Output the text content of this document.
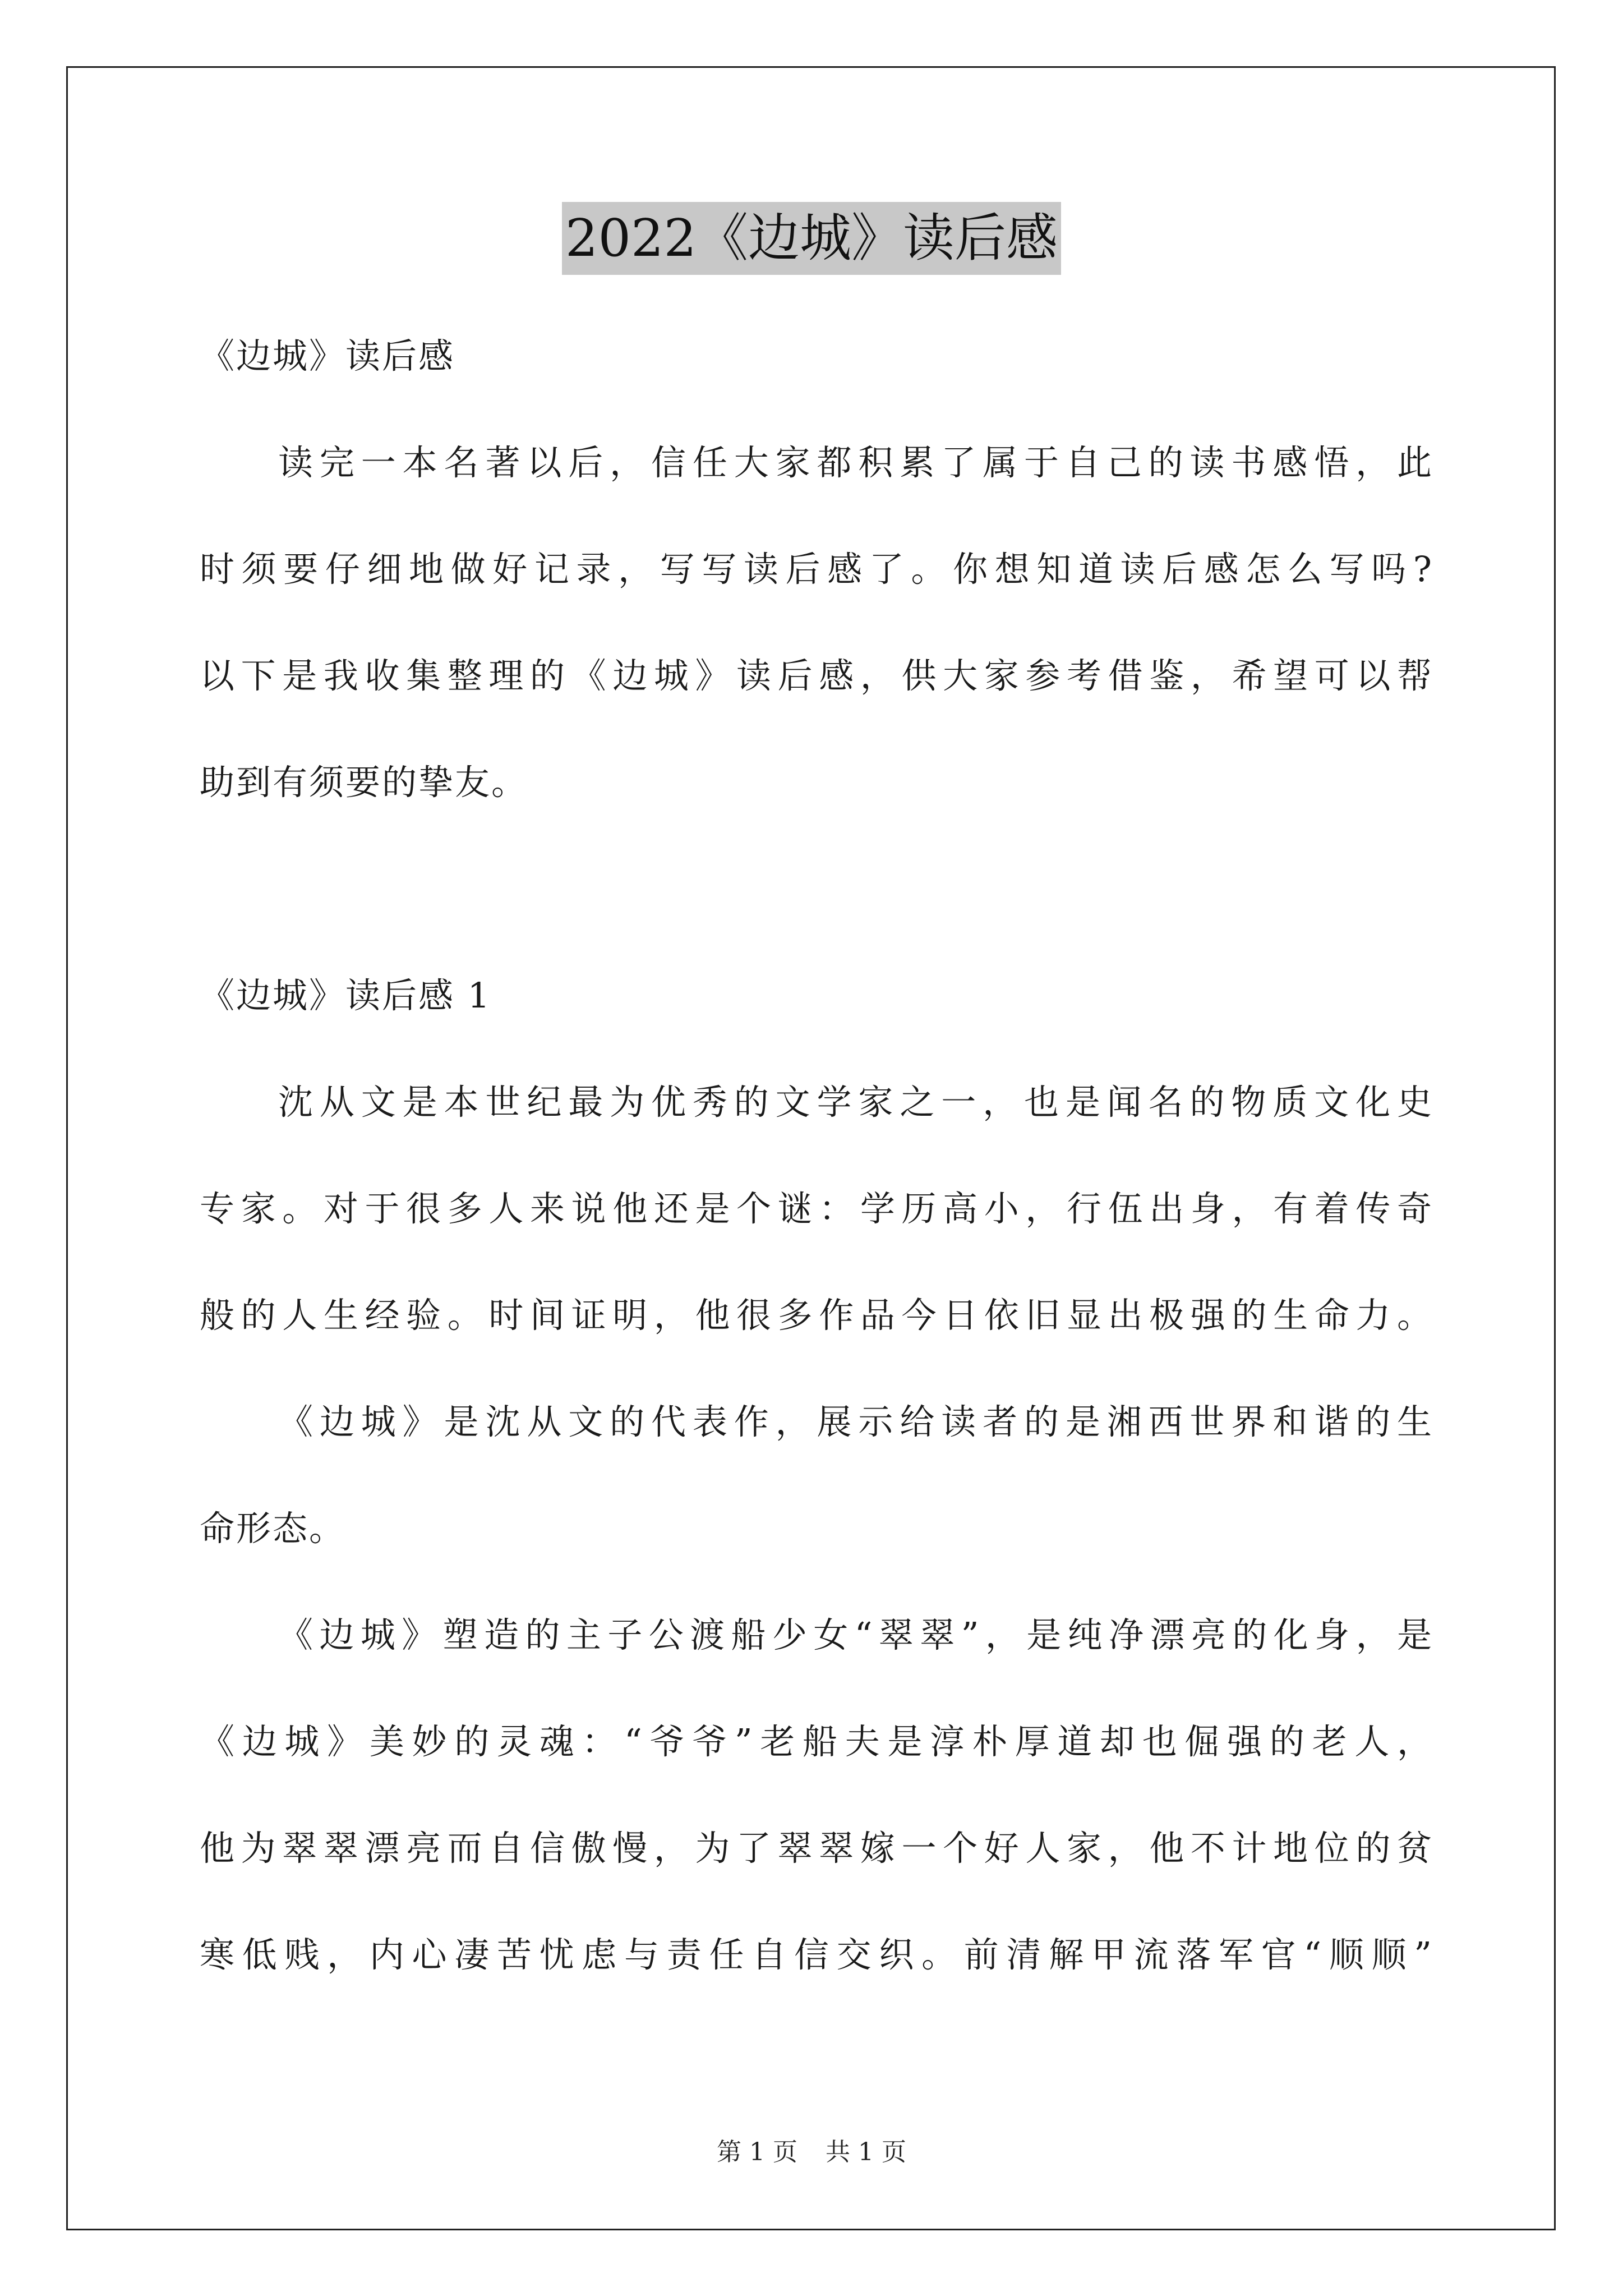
2022《边城》读后感
《边城》读后感
读完一本名著以后，信任大家都积累了属于自己的读书感悟，此
时须要仔细地做好记录，写写读后感了。你想知道读后感怎么写吗?
以下是我收集整理的《边城》读后感，供大家参考借鉴，希望可以帮
助到有须要的挚友。
《边城》读后感 1
沈从文是本世纪最为优秀的文学家之一，也是闻名的物质文化史
专家。对于很多人来说他还是个谜：学历高小，行伍出身，有着传奇
般的人生经验。时间证明，他很多作品今日依旧显出极强的生命力。
《边城》是沈从文的代表作，展示给读者的是湘西世界和谐的生
命形态。
《边城》塑造的主子公渡船少女“翠翠”，是纯净漂亮的化身，是
《边城》美妙的灵魂：“爷爷”老船夫是淳朴厚道却也倔强的老人，
他为翠翠漂亮而自信傲慢，为了翠翠嫁一个好人家，他不计地位的贫
寒低贱，内心凄苦忧虑与责任自信交织。前清解甲流落军官“顺顺”
第 1 页 共 1 页
